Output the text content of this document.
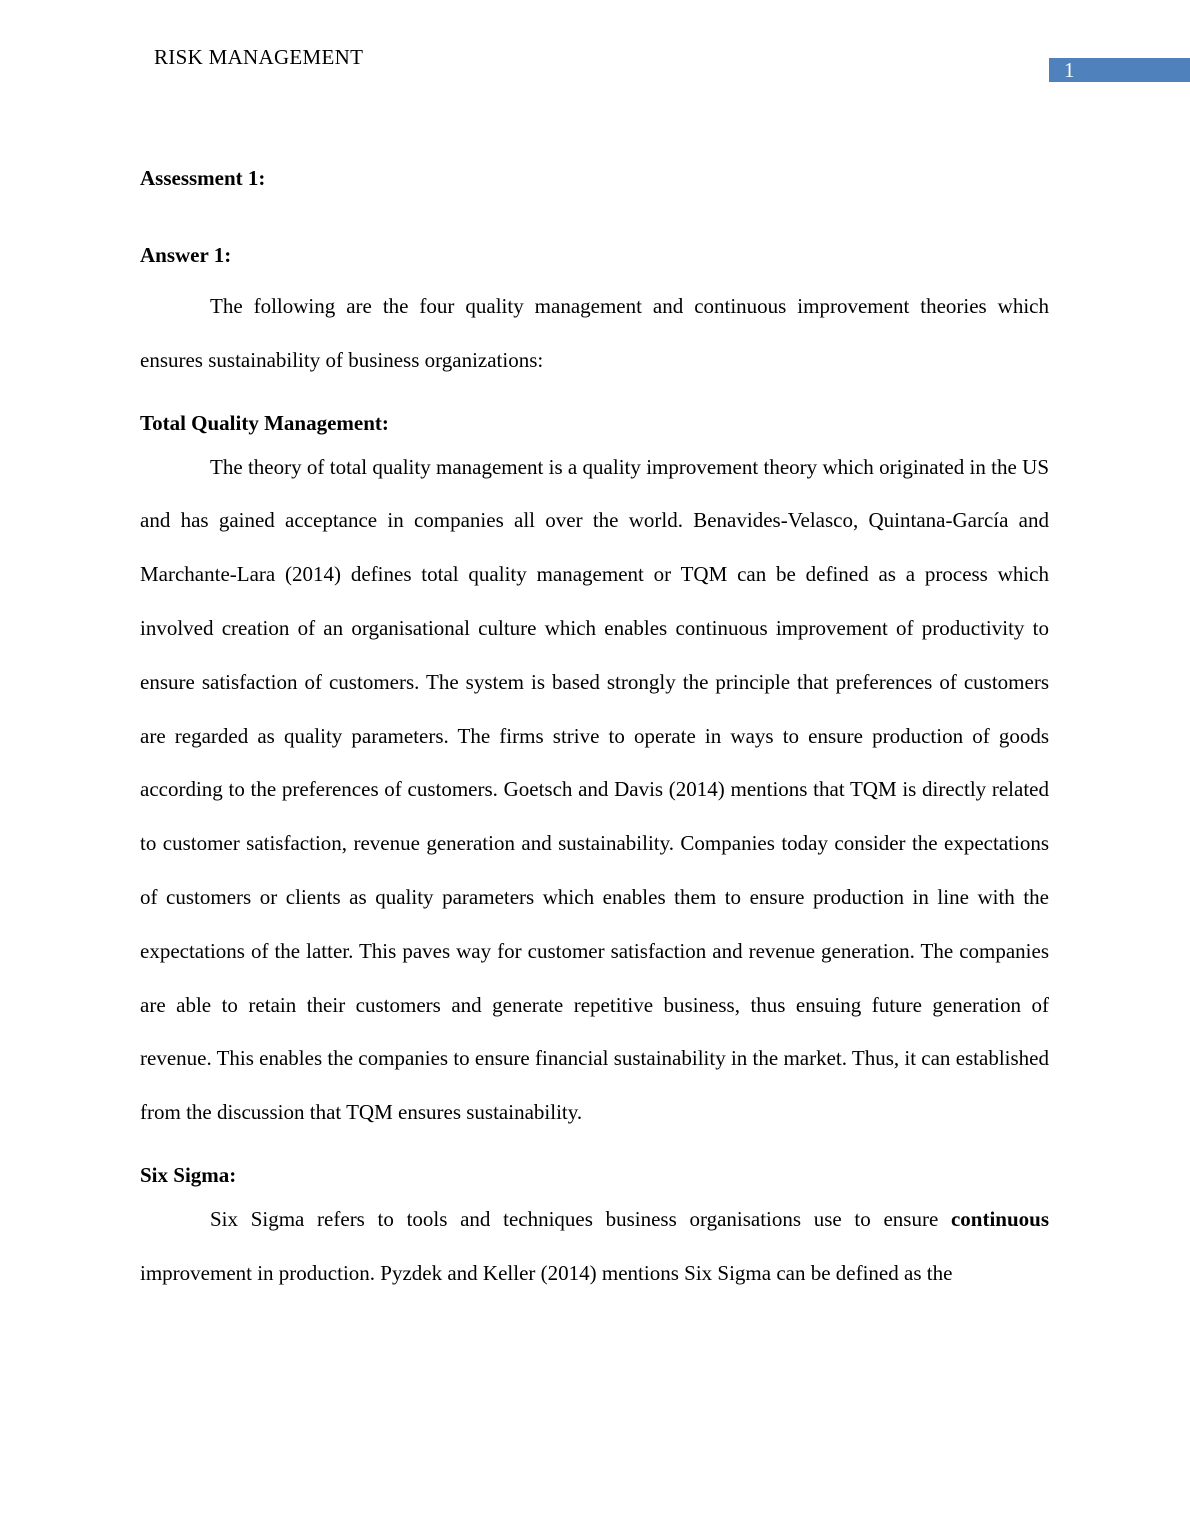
RISK MANAGEMENT
1

Assessment 1:

Answer 1:

The following are the four quality management and continuous improvement theories which ensures sustainability of business organizations:

Total Quality Management:

The theory of total quality management is a quality improvement theory which originated in the US and has gained acceptance in companies all over the world. Benavides-Velasco, Quintana-García and Marchante-Lara (2014) defines total quality management or TQM can be defined as a process which involved creation of an organisational culture which enables continuous improvement of productivity to ensure satisfaction of customers. The system is based strongly the principle that preferences of customers are regarded as quality parameters. The firms strive to operate in ways to ensure production of goods according to the preferences of customers. Goetsch and Davis (2014) mentions that TQM is directly related to customer satisfaction, revenue generation and sustainability. Companies today consider the expectations of customers or clients as quality parameters which enables them to ensure production in line with the expectations of the latter. This paves way for customer satisfaction and revenue generation. The companies are able to retain their customers and generate repetitive business, thus ensuing future generation of revenue. This enables the companies to ensure financial sustainability in the market. Thus, it can established from the discussion that TQM ensures sustainability.

Six Sigma:

Six Sigma refers to tools and techniques business organisations use to ensure continuous improvement in production. Pyzdek and Keller (2014) mentions Six Sigma can be defined as the
